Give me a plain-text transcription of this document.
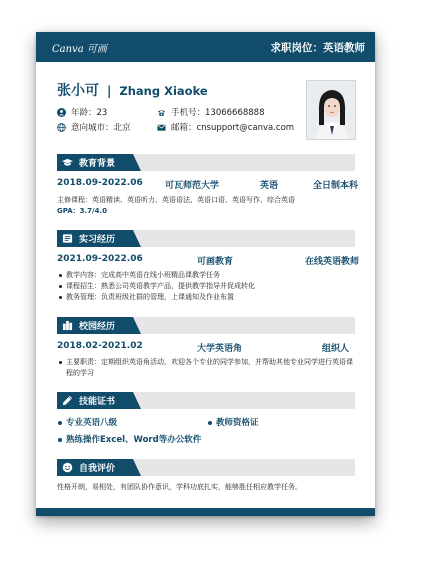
Canva 可画	求职岗位：英语教师
张小可 | Zhang Xiaoke
年龄：23	手机号：13066668888
意向城市：北京	邮箱：cnsupport@canva.com
教育背景
2018.09-2022.06 可瓦师范大学	英语	全日制本科
主修课程：英语精读、英语听力、英语语法、英语口语、英语写作、综合英语
GPA：3.7/4.0
实习经历
2021.09-2022.06	可画教育	在线英语教师
教学内容：完成高中英语在线小班精品课教学任务
课程招生：熟悉公司英语教学产品，提供教学指导并促成转化
教务管理：负责班级社群的管理，上课通知及作业布置
校园经历
2018.02-2021.02	大学英语角	组织人
主要职责：定期组织英语角活动，欢迎各个专业的同学参加，并帮助其他专业同学进行英语课程的学习
技能证书
专业英语八级	教师资格证
熟练操作Excel、Word等办公软件
自我评价
性格开朗，易相处，有团队协作意识，学科功底扎实，能够胜任相应教学任务。
